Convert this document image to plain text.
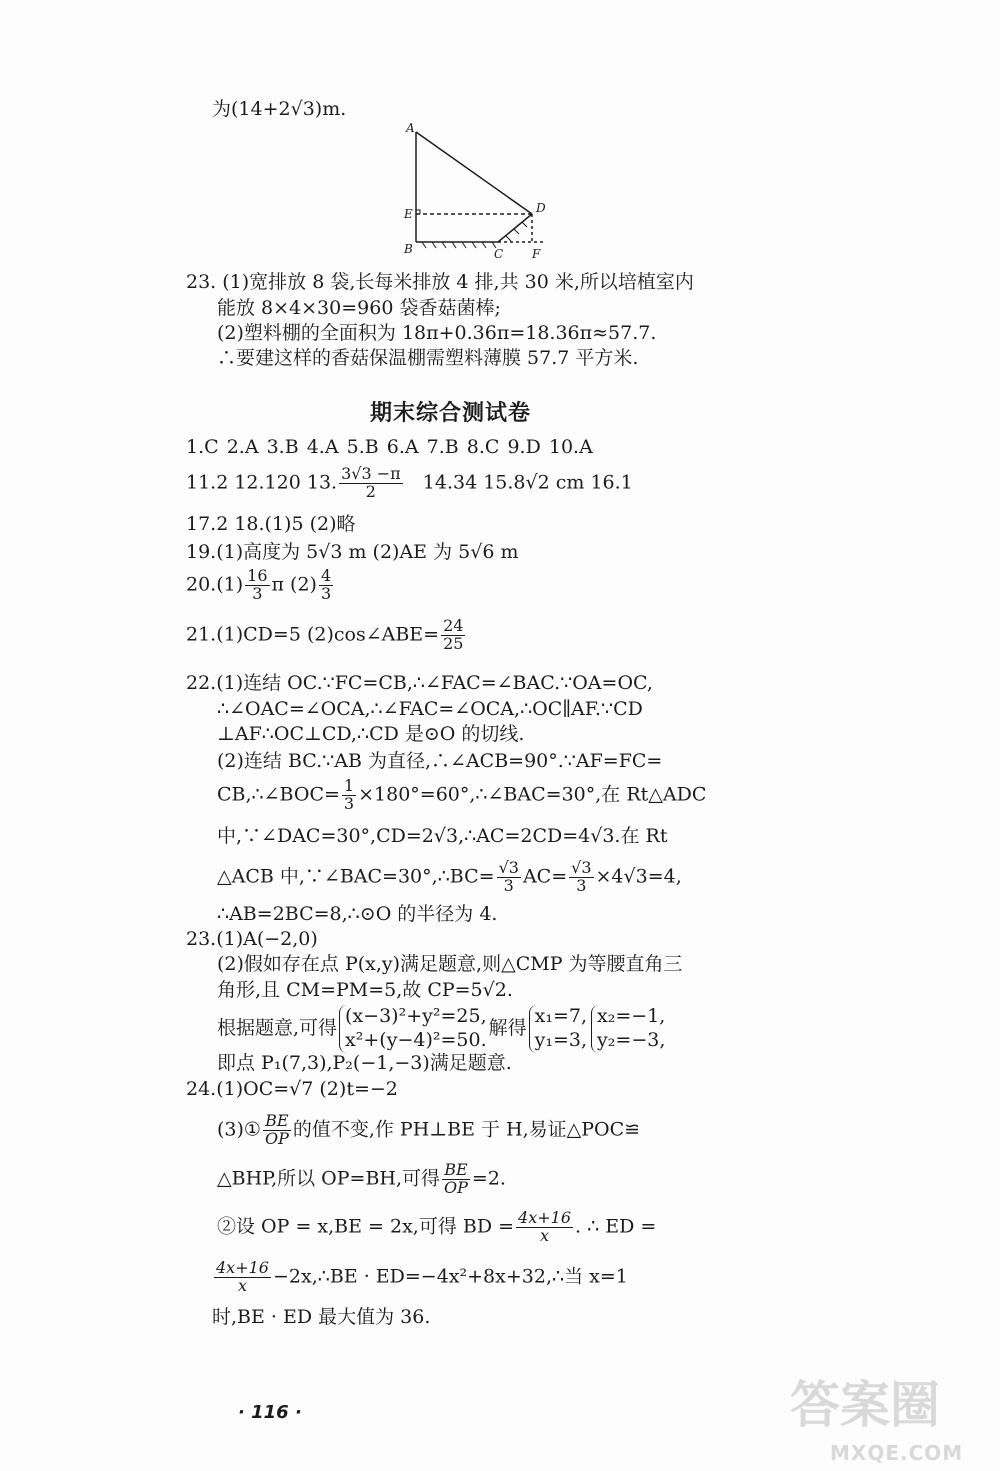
为(14+2√3)m.
A
E
B	C
D
F
23. (1)宽排放 8 袋,长每米排放 4 排,共 30 米,所以培植室内
能放 8×4×30=960 袋香菇菌棒;
(2)塑料棚的全面积为 18π+0.36π=18.36π≈57.7.
∴要建这样的香菇保温棚需塑料薄膜 57.7 平方米.
期末综合测试卷
1.C 2.A 3.B 4.A 5.B 6.A 7.B 8.C 9.D 10.A
11.2 12.120 13. $\frac{3√3 -\pi}{2} 14.34$ 15.8√2 cm 16.1
17.2 18.(1)5 (2)略
19.(1)高度为 5√3 m (2)AE 为 5√6 m
$20.(1) \frac{16}{3}$ π $(2) \frac{4}{3}$
21.(1)CD=5 (2)cos∠ABE= $\frac{24}{25}$
22.(1)连结 OC.∵FC=CB,∴∠FAC=∠BAC.∵OA=OC,
∴∠OAC=∠OCA,∴∠FAC=∠OCA,∴OC∥AF.∵CD
⊥AF∴OC⊥CD,∴CD 是⊙O 的切线.
(2)连结 BC.∵AB 为直径,∴∠ACB=90°.∵AF=FC=
CB,∴∠BOC= $\frac{1}{3}$ ×180°=60°,∴∠BAC=30°,在 Rt△ADC
中,∵∠DAC=30°,CD=2√3,∴AC=2CD=4√3.在 Rt
△ACB 中,∵∠BAC=30°,∴BC= $\frac{√3}{3} AC= \frac{√3}{3} \times 4√3=4$,
∴AB=2BC=8,∴⊙O 的半径为 4.
23.(1)A(−2,0)
(2)假如存在点 P(x,y)满足题意,则△CMP 为等腰直角三
角形,且 CM=PM=5,故 CP=5√2.
根据题意,可得
(x−3)²+y²=25,
x²+(y−4)²=50.
解得
x₁=7,
y₁=3,
x₂=−1,
y₂=−3,
即点 P₁(7,3),P₂(−1,−3)满足题意.
24.(1)OC=√7 (2)t=−2
(3)① $\frac{BE}{OP}$ 的值不变,作 PH⊥BE 于 H,易证△POC≌
△BHP,所以 OP=BH,可得 $\frac{BE}{OP} =2$.
②设 OP = x,BE = 2x,可得 BD = $\frac{4x+16}{x}$ . ∴ ED =
$\frac{4x+16}{x}$ −2x,∴BE · ED=−4x²+8x+32,∴当 x=1
时,BE · ED 最大值为 36.
· 116 ·	答案圈
MXQE.COM
